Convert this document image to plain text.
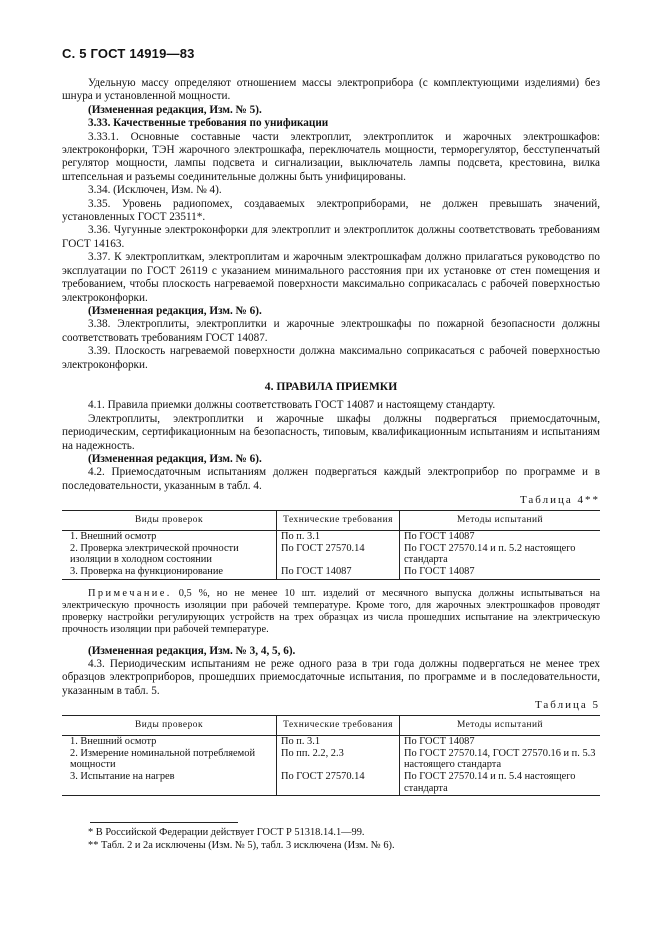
С. 5 ГОСТ 14919—83

Удельную массу определяют отношением массы электроприбора (с комплектующими изделиями) без шнура и установленной мощности.

(Измененная редакция, Изм. № 5).

3.33. Качественные требования по унификации

3.33.1. Основные составные части электроплит, электроплиток и жарочных электрошкафов: электроконфорки, ТЭН жарочного электрошкафа, переключатель мощности, терморегулятор, бесступенчатый регулятор мощности, лампы подсвета и сигнализации, выключатель лампы подсвета, крестовина, вилка штепсельная и разъемы соединительные должны быть унифицированы.

3.34. (Исключен, Изм. № 4).

3.35. Уровень радиопомех, создаваемых электроприборами, не должен превышать значений, установленных ГОСТ 23511*.

3.36. Чугунные электроконфорки для электроплит и электроплиток должны соответствовать требованиям ГОСТ 14163.

3.37. К электроплиткам, электроплитам и жарочным электрошкафам должно прилагаться руководство по эксплуатации по ГОСТ 26119 с указанием минимального расстояния при их установке от стен помещения и требованием, чтобы плоскость нагреваемой поверхности максимально соприкасалась с рабочей поверхностью электроконфорки.

(Измененная редакция, Изм. № 6).

3.38. Электроплиты, электроплитки и жарочные электрошкафы по пожарной безопасности должны соответствовать требованиям ГОСТ 14087.

3.39. Плоскость нагреваемой поверхности должна максимально соприкасаться с рабочей поверхностью электроконфорки.

4. ПРАВИЛА ПРИЕМКИ

4.1. Правила приемки должны соответствовать ГОСТ 14087 и настоящему стандарту.

Электроплиты, электроплитки и жарочные шкафы должны подвергаться приемосдаточным, периодическим, сертификационным на безопасность, типовым, квалификационным испытаниям и испытаниям на надежность.

(Измененная редакция, Изм. № 6).

4.2. Приемосдаточным испытаниям должен подвергаться каждый электроприбор по программе и в последовательности, указанным в табл. 4.

Таблица 4**
Виды проверок	Технические требования	Методы испытаний
1. Внешний осмотр	По п. 3.1	По ГОСТ 14087
2. Проверка электрической прочности изоляции в холодном состоянии	По ГОСТ 27570.14	По ГОСТ 27570.14 и п. 5.2 настоящего стандарта
3. Проверка на функционирование	По ГОСТ 14087	По ГОСТ 14087

Примечание. 0,5 %, но не менее 10 шт. изделий от месячного выпуска должны испытываться на электрическую прочность изоляции при рабочей температуре. Кроме того, для жарочных электрошкафов проводят проверку настройки регулирующих устройств на трех образцах из числа прошедших испытание на электрическую прочность изоляции при рабочей температуре.

(Измененная редакция, Изм. № 3, 4, 5, 6).

4.3. Периодическим испытаниям не реже одного раза в три года должны подвергаться не менее трех образцов электроприборов, прошедших приемосдаточные испытания, по программе и в последовательности, указанным в табл. 5.

Таблица 5
Виды проверок	Технические требования	Методы испытаний
1. Внешний осмотр	По п. 3.1	По ГОСТ 14087
2. Измерение номинальной потребляемой мощности	По пп. 2.2, 2.3	По ГОСТ 27570.14, ГОСТ 27570.16 и п. 5.3 настоящего стандарта
3. Испытание на нагрев	По ГОСТ 27570.14	По ГОСТ 27570.14 и п. 5.4 настоящего стандарта

* В Российской Федерации действует ГОСТ Р 51318.14.1—99.

** Табл. 2 и 2а исключены (Изм. № 5), табл. 3 исключена (Изм. № 6).
